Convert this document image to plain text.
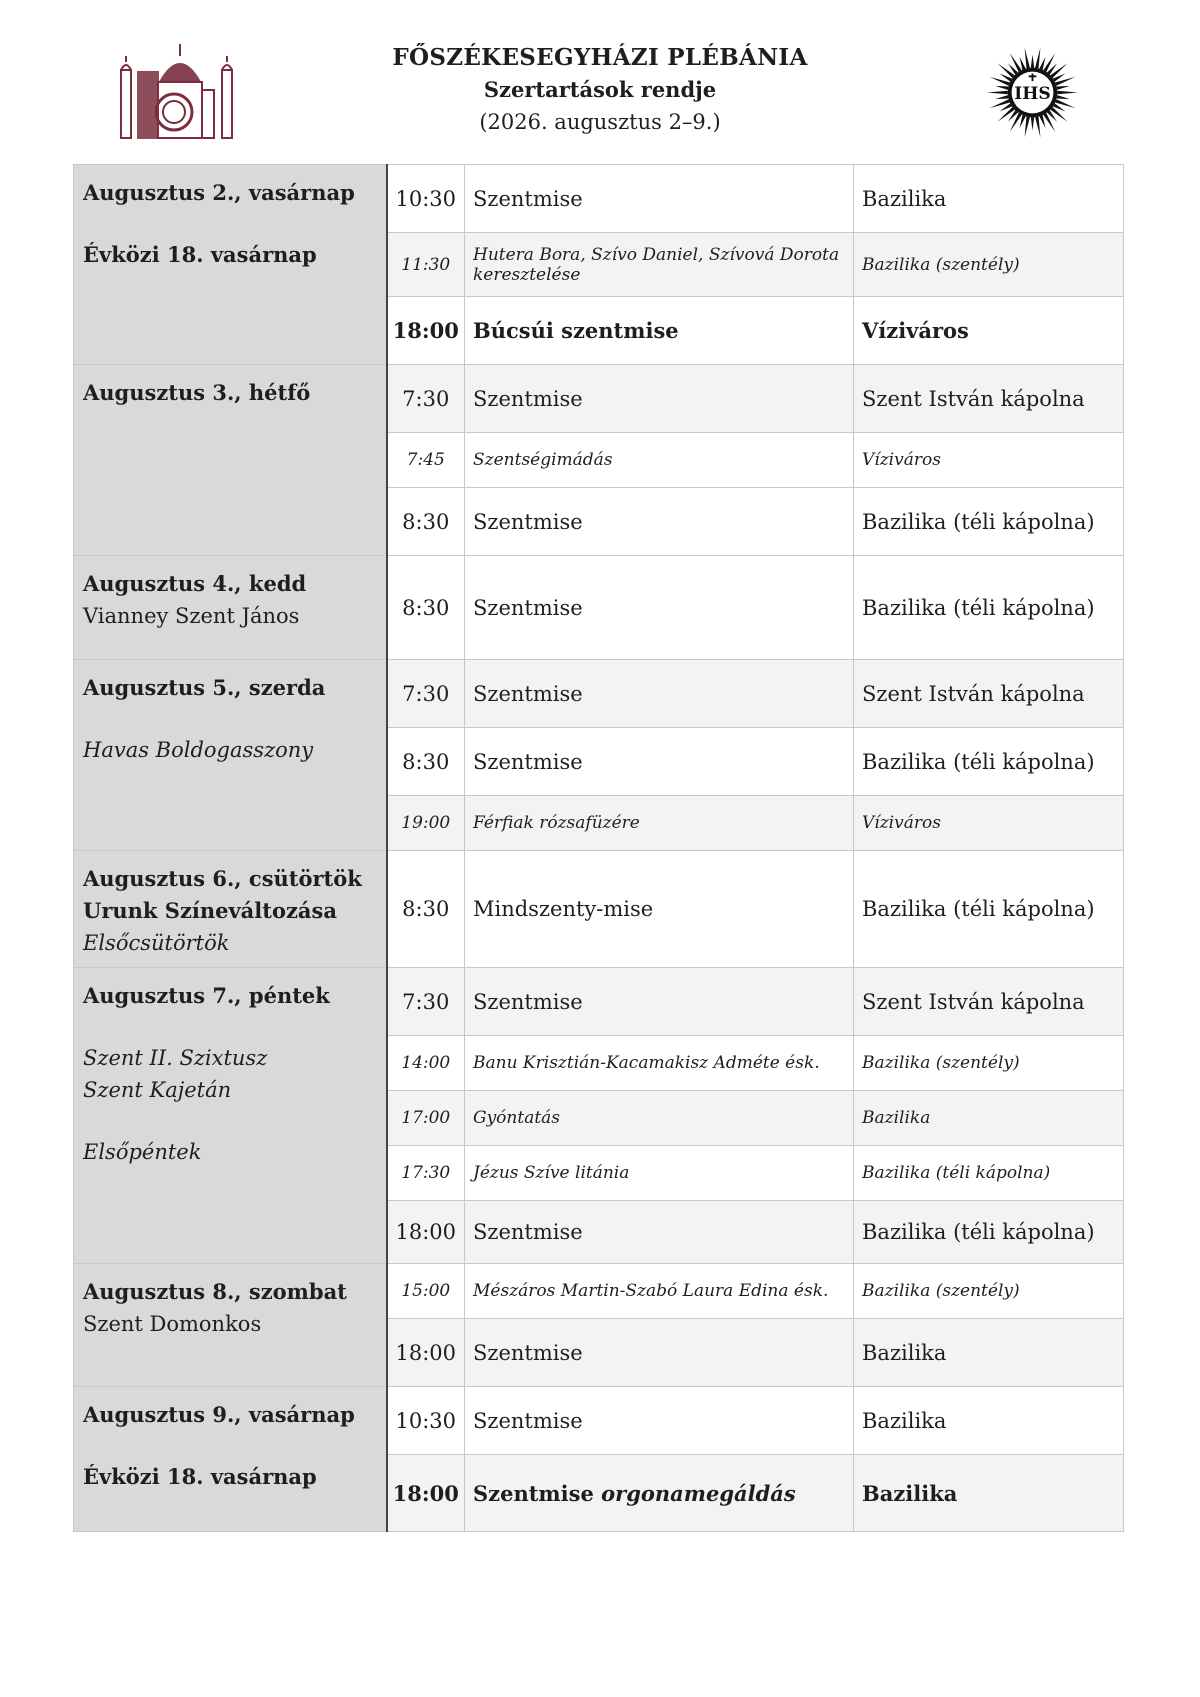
FŐSZÉKESEGYHÁZI PLÉBÁNIA
Szertartások rendje
(2026. augusztus 2–9.)
IHS
Augusztus 2., vasárnap
Évközi 18. vasárnap	10:30	Szentmise	Bazilika
	11:30	Hutera Bora, Szívo Daniel, Szívová Dorota keresztelése	Bazilika (szentély)
	18:00	Búcsúi szentmise	Víziváros

Augusztus 3., hétfő	7:30	Szentmise	Szent István kápolna
	7:45	Szentségimádás	Víziváros
	8:30	Szentmise	Bazilika (téli kápolna)

Augusztus 4., kedd
Vianney Szent János	8:30	Szentmise	Bazilika (téli kápolna)

Augusztus 5., szerda
Havas Boldogasszony	7:30	Szentmise	Szent István kápolna
	8:30	Szentmise	Bazilika (téli kápolna)
	19:00	Férfiak rózsafüzére	Víziváros

Augusztus 6., csütörtök
Urunk Színeváltozása
Elsőcsütörtök	8:30	Mindszenty-mise	Bazilika (téli kápolna)

Augusztus 7., péntek
Szent II. Szixtusz
Szent Kajetán
Elsőpéntek	7:30	Szentmise	Szent István kápolna
	14:00	Banu Krisztián-Kacamakisz Adméte ésk.	Bazilika (szentély)
	17:00	Gyóntatás	Bazilika
	17:30	Jézus Szíve litánia	Bazilika (téli kápolna)
	18:00	Szentmise	Bazilika (téli kápolna)

Augusztus 8., szombat
Szent Domonkos	15:00	Mészáros Martin-Szabó Laura Edina ésk.	Bazilika (szentély)
	18:00	Szentmise	Bazilika

Augusztus 9., vasárnap
Évközi 18. vasárnap	10:30	Szentmise	Bazilika
	18:00	Szentmise orgonamegáldás	Bazilika
